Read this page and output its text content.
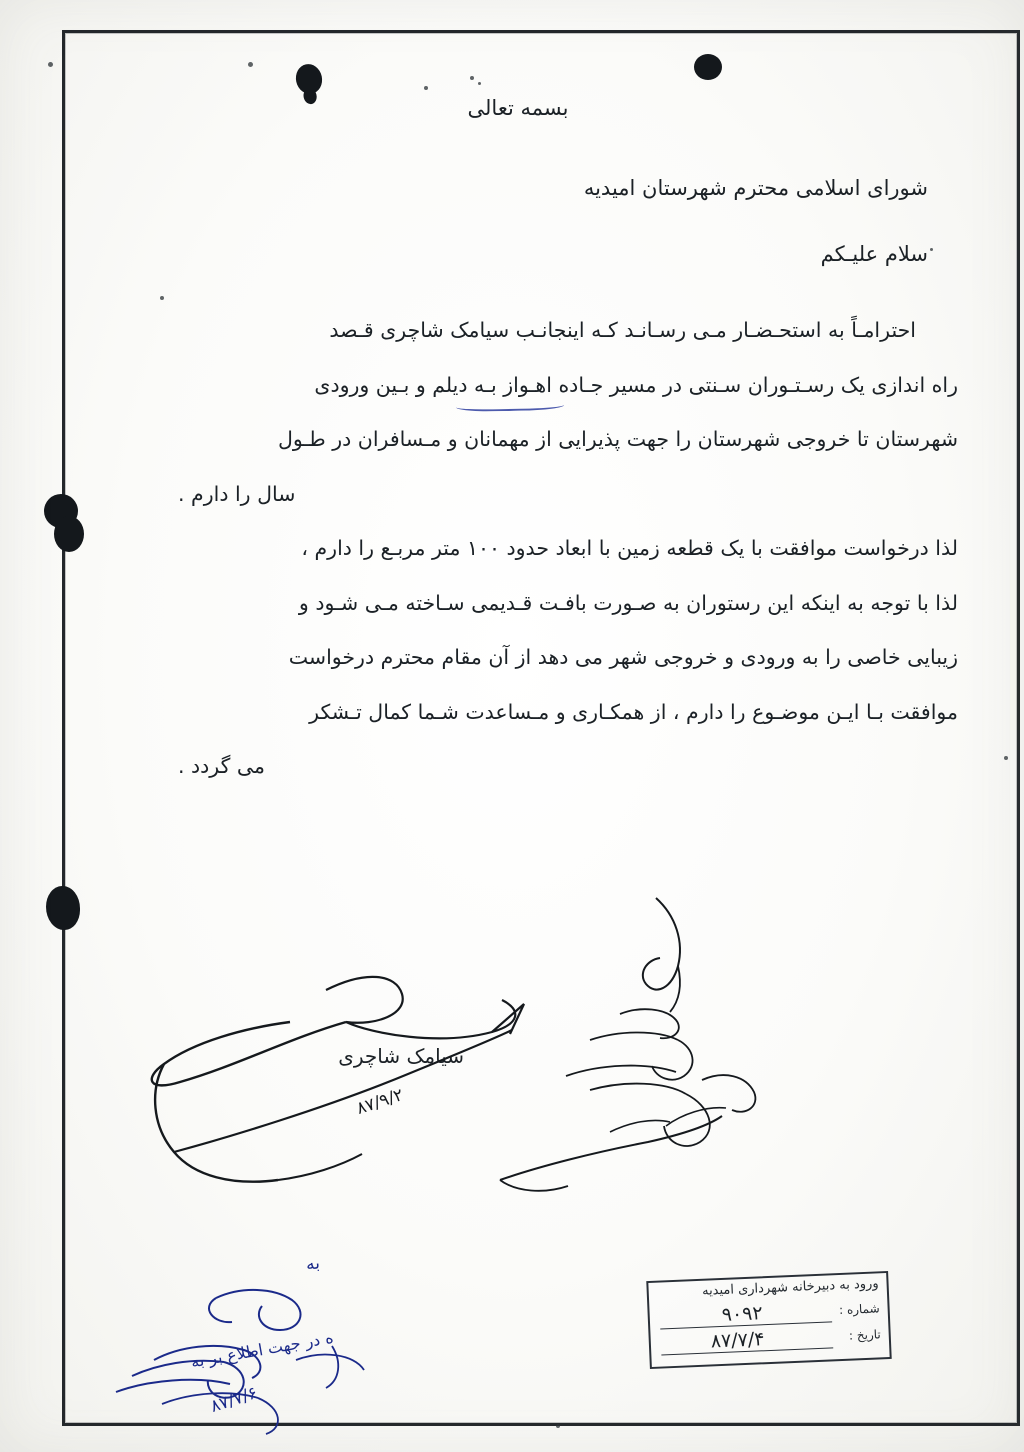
بسمه تعالی
شورای اسلامی محترم شهرستان امیدیه
سلام علیـکم
احترامـاً به استحـضـار مـی رسـانـد کـه اینجانـب سیامک شاچری قـصد
راه اندازی یک رسـتـوران سـنتی در مسیر جـاده اهـواز بـه دیلم و بـین ورودی
شهرستان تا خروجی شهرستان را جهت پذیرایی از مهمانان و مـسافران در طـول
سال را دارم .
لذا درخواست موافقت با یک قطعه زمین با ابعاد حدود ۱۰۰ متر مربـع را دارم ،
لذا با توجه به اینکه این رستوران به صـورت بافـت قـدیمی سـاخته مـی شـود و
زیبایی خاصی را به ورودی و خروجی شهر می دهد از آن مقام محترم درخواست
موافقت بـا ایـن موضـوع را دارم ، از همکـاری و مـساعدت شـما کمال تـشکر
می گردد .
سیامک شاچری
۸۷/۹/۲
به
ه در جهت اطلاع بر به
۸۷/۷/۶
ورود به دبیرخانه شهرداری امیدیه
شماره :
۹۰۹۲
تاریخ :
۸۷/۷/۴
